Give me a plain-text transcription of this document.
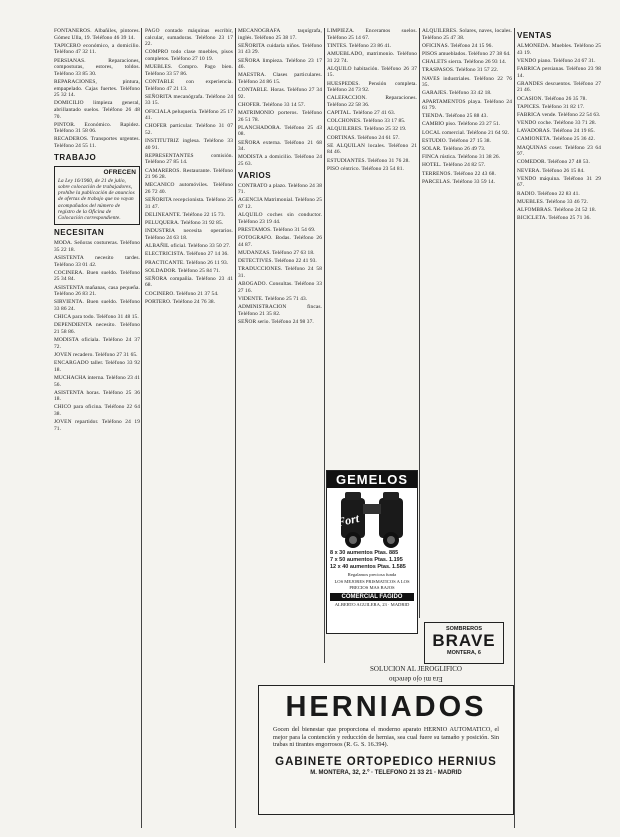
FONTANEROS. Albañiles, pintores. Gómez Ulla, 19. Teléfono 46 39 14.

TAPICERO económico, a domicilio. Teléfono 47 32 11.

PERSIANAS. Reparaciones, composturas, estores, toldos. Teléfono 33 85 30.

REPARACIONES, pintura, empapelado. Cajas fuertes. Teléfono 25 32 14.

DOMICILIO limpieza general, abrillantado suelos. Teléfono 26 48 70.

PINTOR. Económico. Rapidez. Teléfono 31 58 06.

RECADEROS. Transportes urgentes. Teléfono 24 55 11.

TRABAJO
OFRECEN
La Ley 16/1960, de 21 de julio, sobre colocación de trabajadores, prohíbe la publicación de anuncios de ofertas de trabajo que no vayan acompañados del número de registro de la Oficina de Colocación correspondiente.
NECESITAN

MODA. Señoras costureras. Teléfono 35 22 18.

ASISTENTA necesito tardes. Teléfono 33 01 42.

COCINERA. Buen sueldo. Teléfono 25 34 84.

ASISTENTA mañanas, casa pequeña. Teléfono 26 83 21.

SIRVIENTA. Buen sueldo. Teléfono 33 86 24.

CHICA para todo. Teléfono 31 48 15.

DEPENDIENTA necesito. Teléfono 21 58 86.

MODISTA oficiala. Teléfono 24 37 72.

JOVEN recadero. Teléfono 27 31 65.

ENCARGADO taller. Teléfono 33 92 18.

MUCHACHA interna. Teléfono 23 41 56.

ASISTENTA horas. Teléfono 25 36 18.

CHICO para oficina. Teléfono 22 64 38.

JOVEN repartidor. Teléfono 24 19 71.

PAGO contado máquinas escribir, calcular, sumadoras. Teléfono 23 17 22.

COMPRO todo clase muebles, pisos completos. Teléfono 27 10 19.

MUEBLES. Compro. Pago bien. Teléfono 33 57 86.

CONTABLE con experiencia. Teléfono 47 21 13.

SEÑORITA mecanógrafa. Teléfono 24 33 15.

OFICIALA peluquería. Teléfono 25 17 41.

CHOFER particular. Teléfono 31 07 52.

INSTITUTRIZ inglesa. Teléfono 33 40 91.

REPRESENTANTES comisión. Teléfono 27 85 14.

CAMAREROS. Restaurante. Teléfono 21 96 28.

MECANICO automóviles. Teléfono 26 72 40.

SEÑORITA recepcionista. Teléfono 25 31 47.

DELINEANTE. Teléfono 22 15 73.

PELUQUERA. Teléfono 31 92 85.

INDUSTRIA necesita operarios. Teléfono 24 63 18.

ALBAÑIL oficial. Teléfono 33 50 27.

ELECTRICISTA. Teléfono 27 14 36.

PRACTICANTE. Teléfono 26 11 93.

SOLDADOR. Teléfono 25 84 71.

SEÑORA compañía. Teléfono 23 41 68.

COCINERO. Teléfono 21 37 54.

PORTERO. Teléfono 24 76 38.

MECANOGRAFA taquígrafa, inglés. Teléfono 25 38 17.

SEÑORITA cuidaría niños. Teléfono 31 43 29.

SEÑORA limpieza. Teléfono 23 17 46.

MAESTRA. Clases particulares. Teléfono 24 86 15.

CONTABLE. Horas. Teléfono 27 34 92.

CHOFER. Teléfono 33 14 57.

MATRIMONIO porteros. Teléfono 26 51 78.

PLANCHADORA. Teléfono 25 43 08.

SEÑORA externa. Teléfono 21 68 34.

MODISTA a domicilio. Teléfono 24 25 63.

VARIOS

CONTRATO a plazo. Teléfono 24 38 71.

AGENCIA Matrimonial. Teléfono 25 67 12.

ALQUILO coches sin conductor. Teléfono 23 19 44.

PRESTAMOS. Teléfono 31 54 69.

FOTOGRAFO. Bodas. Teléfono 26 44 87.

MUDANZAS. Teléfono 27 63 18.

DETECTIVES. Teléfono 22 41 93.

TRADUCCIONES. Teléfono 24 58 31.

ABOGADO. Consultas. Teléfono 33 27 16.

VIDENTE. Teléfono 25 71 43.

ADMINISTRACION fincas. Teléfono 21 35 82.

SEÑOR serio. Teléfono 24 98 37.

LIMPIEZA. Enceramos suelos. Teléfono 25 14 67.

TINTES. Teléfono 23 86 41.

AMUEBLADO, matrimonio. Teléfono 31 22 74.

ALQUILO habitación. Teléfono 26 37 15.

HUESPEDES. Pensión completa. Teléfono 24 73 92.

CALEFACCION. Reparaciones. Teléfono 22 58 36.

CAPITAL. Teléfono 27 41 63.

COLCHONES. Teléfono 33 17 85.

ALQUILERES. Teléfono 25 32 19.

CORTINAS. Teléfono 24 61 57.

SE ALQUILAN locales. Teléfono 21 84 46.

ESTUDIANTES. Teléfono 31 76 28.

PISO céntrico. Teléfono 23 54 81.

ALQUILERES. Solares, naves, locales. Teléfono 25 47 38.

OFICINAS. Teléfono 24 15 96.

PISOS amueblados. Teléfono 27 38 64.

CHALETS sierra. Teléfono 26 93 14.

TRASPASOS. Teléfono 31 57 22.

NAVES industriales. Teléfono 22 76 35.

GARAJES. Teléfono 33 42 18.

APARTAMENTOS playa. Teléfono 24 61 79.

TIENDA. Teléfono 25 88 43.

CAMBIO piso. Teléfono 23 27 51.

LOCAL comercial. Teléfono 21 64 92.

ESTUDIO. Teléfono 27 15 38.

SOLAR. Teléfono 26 49 73.

FINCA rústica. Teléfono 31 38 26.

HOTEL. Teléfono 24 82 57.

TERRENOS. Teléfono 22 43 68.

PARCELAS. Teléfono 33 59 14.

VENTAS

ALMONEDA. Muebles. Teléfono 25 43 19.

VENDO piano. Teléfono 24 67 31.

FABRICA persianas. Teléfono 23 98 14.

GRANDES descuentos. Teléfono 27 21 46.

OCASION. Teléfono 26 35 78.

TAPICES. Teléfono 31 82 17.

FABRICA vende. Teléfono 22 54 63.

VENDO coche. Teléfono 33 71 28.

LAVADORAS. Teléfono 24 19 85.

CAMIONETA. Teléfono 25 36 42.

MAQUINAS coser. Teléfono 23 64 97.

COMEDOR. Teléfono 27 48 53.

NEVERA. Teléfono 26 15 84.

VENDO máquina. Teléfono 31 29 67.

RADIO. Teléfono 22 83 41.

MUEBLES. Teléfono 33 46 72.

ALFOMBRAS. Teléfono 24 52 18.

BICICLETA. Teléfono 25 71 36.

GEMELOS
Fort
8 x 30 aumentos Ptas. 885
7 x 50 aumentos Ptas. 1.195
12 x 40 aumentos Ptas. 1.585
Regalamos preciosa funda
LOS MEJORES PRISMATICOS A LOS PRECIOS MAS BAJOS
COMERCIAL FAGIDO
ALBERTO AGUILERA, 23 · MADRID
SOMBREROS
BRAVE
MONTERA, 6
SOLUCION AL JEROGLIFICO
Era mi ojo derecho
HERNIADOS
Gocen del bienestar que proporciona el moderno aparato HERNIO AUTOMATICO, el mejor para la contención y reducción de hernias, sea cual fuere su tamaño y posición. Sin trabas ni tirantes engorrosos (R. G. S. 16.394).
GABINETE ORTOPEDICO HERNIUS
M. MONTERA, 32, 2.º · TELEFONO 21 33 21 · MADRID
